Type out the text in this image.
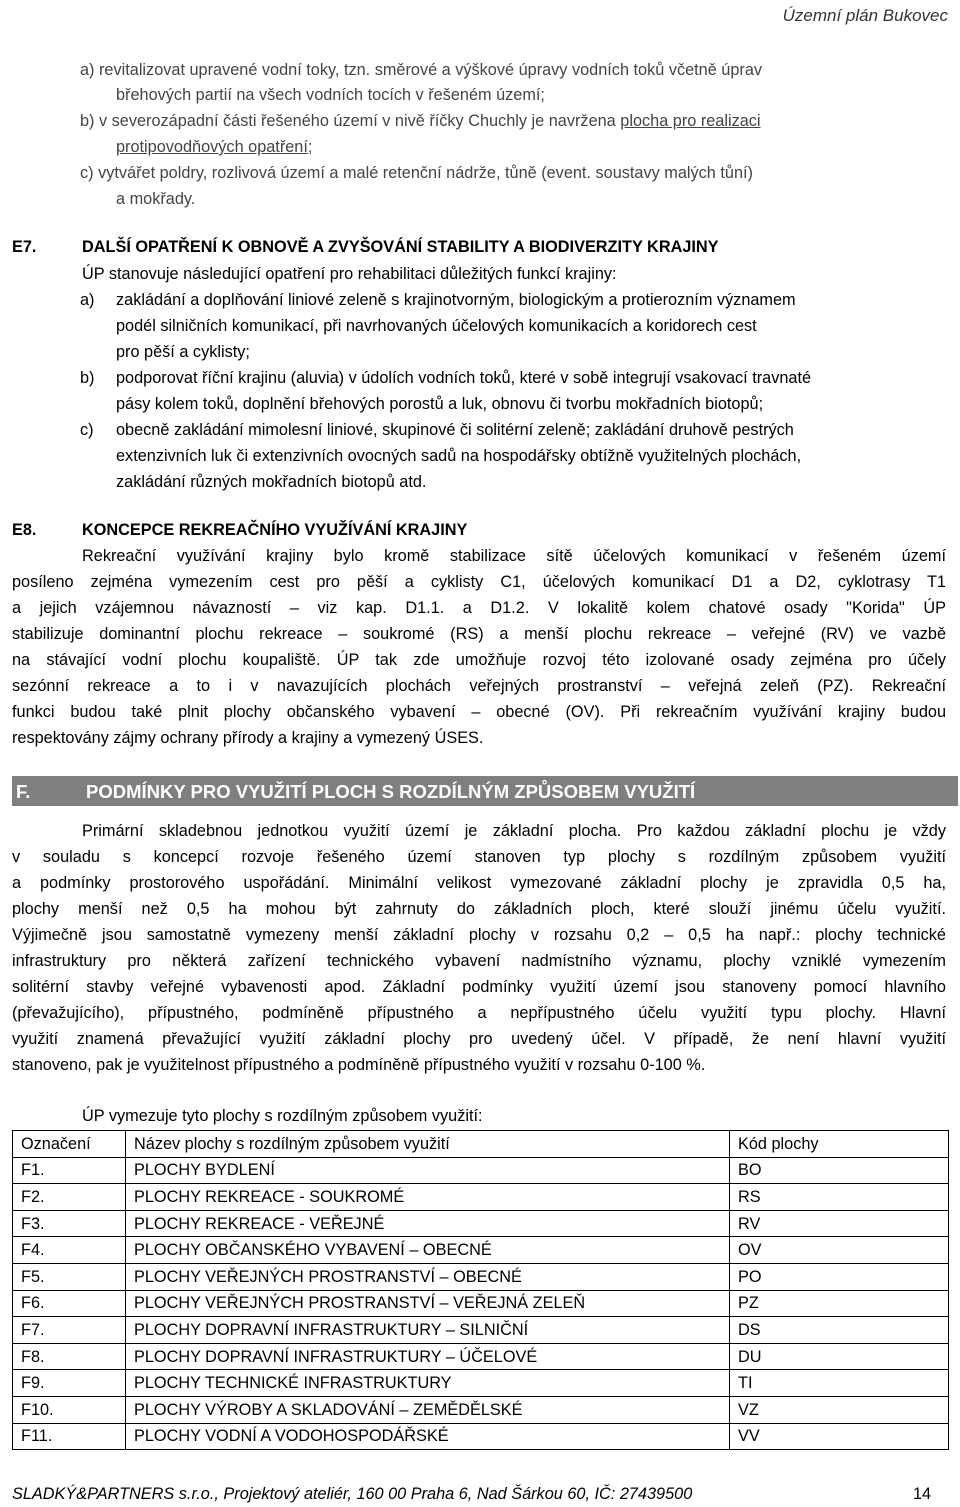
Územní plán Bukovec
a) revitalizovat upravené vodní toky, tzn. směrové a výškové úpravy vodních toků včetně úprav
břehových partií na všech vodních tocích v řešeném území;
b) v severozápadní části řešeného území v nivě říčky Chuchly je navržena plocha pro realizaci
protipovodňových opatření;
c) vytvářet poldry, rozlivová území a malé retenční nádrže, tůně (event. soustavy malých tůní)
a mokřady.
E7.	DALŠÍ OPATŘENÍ K OBNOVĚ A ZVYŠOVÁNÍ STABILITY A BIODIVERZITY KRAJINY
ÚP stanovuje následující opatření pro rehabilitaci důležitých funkcí krajiny:
a) zakládání a doplňování liniové zeleně s krajinotvorným, biologickým a protierozním významem
podél silničních komunikací, při navrhovaných účelových komunikacích a koridorech cest
pro pěší a cyklisty;
b) podporovat říční krajinu (aluvia) v údolích vodních toků, které v sobě integrují vsakovací travnaté
pásy kolem toků, doplnění břehových porostů a luk, obnovu či tvorbu mokřadních biotopů;
c) obecně zakládání mimolesní liniové, skupinové či solitérní zeleně; zakládání druhově pestrých
extenzivních luk či extenzivních ovocných sadů na hospodářsky obtížně využitelných plochách,
zakládání různých mokřadních biotopů atd.
E8.	KONCEPCE REKREAČNÍHO VYUŽÍVÁNÍ KRAJINY
Rekreační využívání krajiny bylo kromě stabilizace sítě účelových komunikací v řešeném území
posíleno zejména vymezením cest pro pěší a cyklisty C1, účelových komunikací D1 a D2, cyklotrasy T1
a jejich vzájemnou návazností – viz kap. D1.1. a D1.2. V lokalitě kolem chatové osady "Korida" ÚP
stabilizuje dominantní plochu rekreace – soukromé (RS) a menší plochu rekreace – veřejné (RV) ve vazbě
na stávající vodní plochu koupaliště. ÚP tak zde umožňuje rozvoj této izolované osady zejména pro účely
sezónní rekreace a to i v navazujících plochách veřejných prostranství – veřejná zeleň (PZ). Rekreační
funkci budou také plnit plochy občanského vybavení – obecné (OV). Při rekreačním využívání krajiny budou
respektovány zájmy ochrany přírody a krajiny a vymezený ÚSES.
F.	PODMÍNKY PRO VYUŽITÍ PLOCH S ROZDÍLNÝM ZPŮSOBEM VYUŽITÍ
Primární skladebnou jednotkou využití území je základní plocha. Pro každou základní plochu je vždy
v souladu s koncepcí rozvoje řešeného území stanoven typ plochy s rozdílným způsobem využití
a podmínky prostorového uspořádání. Minimální velikost vymezované základní plochy je zpravidla 0,5 ha,
plochy menší než 0,5 ha mohou být zahrnuty do základních ploch, které slouží jinému účelu využití.
Výjimečně jsou samostatně vymezeny menší základní plochy v rozsahu 0,2 – 0,5 ha např.: plochy technické
infrastruktury pro některá zařízení technického vybavení nadmístního významu, plochy vzniklé vymezením
solitérní stavby veřejné vybavenosti apod. Základní podmínky využití území jsou stanoveny pomocí hlavního
(převažujícího), přípustného, podmíněně přípustného a nepřípustného účelu využití typu plochy. Hlavní
využití znamená převažující využití základní plochy pro uvedený účel. V případě, že není hlavní využití
stanoveno, pak je využitelnost přípustného a podmíněně přípustného využití v rozsahu 0-100 %.
ÚP vymezuje tyto plochy s rozdílným způsobem využití:
Označení	Název plochy s rozdílným způsobem využití	Kód plochy
F1.	PLOCHY BYDLENÍ	BO
F2.	PLOCHY REKREACE - SOUKROMÉ	RS
F3.	PLOCHY REKREACE - VEŘEJNÉ	RV
F4.	PLOCHY OBČANSKÉHO VYBAVENÍ – OBECNÉ	OV
F5.	PLOCHY VEŘEJNÝCH PROSTRANSTVÍ – OBECNÉ	PO
F6.	PLOCHY VEŘEJNÝCH PROSTRANSTVÍ – VEŘEJNÁ ZELEŇ	PZ
F7.	PLOCHY DOPRAVNÍ INFRASTRUKTURY – SILNIČNÍ	DS
F8.	PLOCHY DOPRAVNÍ INFRASTRUKTURY – ÚČELOVÉ	DU
F9.	PLOCHY TECHNICKÉ INFRASTRUKTURY	TI
F10.	PLOCHY VÝROBY A SKLADOVÁNÍ – ZEMĚDĚLSKÉ	VZ
F11.	PLOCHY VODNÍ A VODOHOSPODÁŘSKÉ	VV
SLADKÝ&PARTNERS s.r.o., Projektový ateliér, 160 00 Praha 6, Nad Šárkou 60, IČ: 27439500	14
